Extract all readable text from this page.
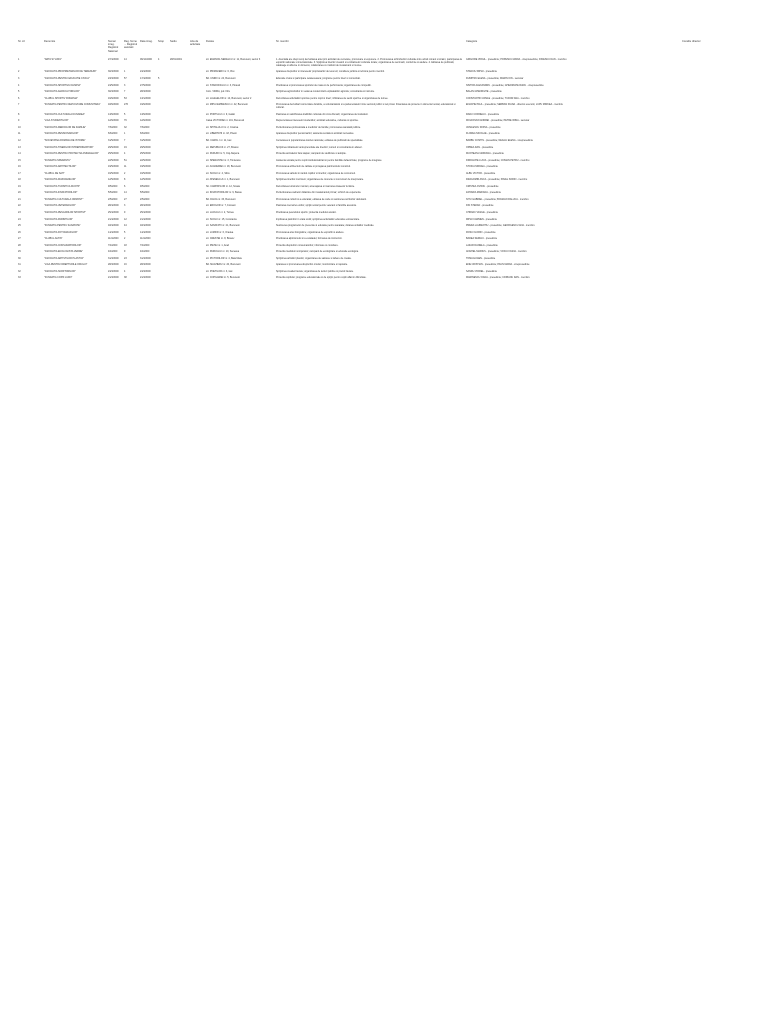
Nr. crt	Denumire	Numar inreg. Registrul National	Reg. forme ... Registrul asociatii	Data inreg.	Scop	Sediu	Aria de activitate	Durata	Nr. membri	Categorie	Consiliu director
1	"ARTA SI VIATA"	27/4/2000	14	06/12/2000	4	28/01/2001		str. EMANOIL NEDELCU nr. 11, Bucuresti, sector 3	1. Asociatia are drept scop dezvoltarea artei prin activitati de cercetare, promovare si expunere. 2. Promovarea schimburilor culturale intre artisti romani si straini, participarea la expozitii nationale si internationale. 3. Sprijinirea tinerilor creatori si a initiativelor culturale locale; organizarea de seminarii, conferinte si ateliere. 4. Editarea de publicatii, cataloage si albume in domeniu; colaborarea cu institutii de invatamant si muzee.	GRIGORE VIRGIL - presedinte; POPESCU MARIA - vicepresedinte; IONESCU DAN - membru	
2	"ASOCIATIA PROPRIETARILOR DE TERENURI"	30/3/2000	1	24/4/2000				str. PRIMAVERII nr. 6, Ilfov	Apararea drepturilor si intereselor proprietarilor de terenuri; consiliere juridica si tehnica pentru membri.	STANCIU MIHAI - presedinte	
3	"ASOCIATIA PENTRU EDUCATIE CIVICA"	23/3/2000	57	17/4/2000	5			Bd. UNIRII nr. 24, Bucuresti	Educatie civica si participare cetateneasca; programe pentru tineri si comunitati.	DUMITRU ELENA - presedinte; MARIN ION - secretar	
4	"ASOCIATIA SPORTIVA OLIMPIA"	24/5/2000	3	27/5/2000				str. STADIONULUI nr. 3, Ploiesti	Practicarea si promovarea sportului de masa si de performanta; organizarea de competitii.	NISTOR ALEXANDRU - presedinte; GHEORGHE RADU - vicepresedinte	
5	"ASOCIATIA AGRICULTORILOR"	30/3/2000	7	28/3/2000				Com. VIDRA, jud. Ilfov	Sprijinirea agricultorilor in vederea modernizarii exploatatiilor agricole; consultanta si instruire.	BALAN GHEORGHE - presedinte	
6	"CLUBUL SPORTIV ROMANIA"	16/6/2000	53	13/1/2000				str. LALELELOR nr. 14, Bucuresti, sector 2	Dezvoltarea activitatilor sportive pentru copii si tineri; infiintarea de sectii sportive si organizarea de turnee.	CONSTANTIN VASILE - presedinte; TUDOR ANA - membru	
7	"FUNDATIA PENTRU DEZVOLTARE COMUNITARA"	18/6/2000	276	19/6/2000				str. MIHAI EMINESCU nr. 42, Bucuresti	Promovarea dezvoltarii comunitare durabile, a voluntariatului si a parteneriatelor intre sectorul public si cel privat. Finantarea de proiecte in domeniul social, educational si cultural.	ENACHE PAUL - presedinte; SERBAN IOANA - director executiv; LUPU MIRCEA - membru	
8	"ASOCIATIA CULTURALA DUNAREA"	13/6/2000	5	13/6/2000				str. PORTULUI nr. 9, Galati	Pastrarea si valorificarea traditiilor culturale din zona Dunarii; organizarea de festivaluri.	RADU CORNELIU - presedinte	
9	"LIGA STUDENTILOR"	12/6/2000	76	12/6/2000				Calea VICTORIEI nr. 101, Bucuresti	Reprezentarea intereselor studentilor; activitati educative, culturale si sportive.	MOLDOVAN ANDREI - presedinte; PETRE IRINA - secretar	
10	"ASOCIATIA MEDICILOR DE FAMILIE"	7/6/2000	32	7/6/2000				str. SPITALULUI nr. 2, Craiova	Perfectionarea profesionala a medicilor de familie; promovarea sanatatii publice.	VASILESCU DOINA - presedinte	
11	"ASOCIATIA PENSIONARILOR"	6/6/2000	1	6/6/2000				str. LIBERTATII nr. 18, Pitesti	Apararea drepturilor pensionarilor; asistenta sociala si activitati recreative.	FLOREA NICOLAE - presedinte	
12	"SOCIETATEA ROMANA DE ISTORIE"	31/5/2000	7	31/5/2000				Bd. CAROL I nr. 11, Iasi	Cercetarea si popularizarea istoriei nationale; editarea de publicatii de specialitate.	BARBU COSTIN - presedinte; NEAGU ELENA - vicepresedinte	
13	"ASOCIATIA TINERILOR INTREPRINZATORI"	29/5/2000	19	29/5/2000				str. REPUBLICII nr. 27, Brasov	Sprijinirea initiativelor antreprenoriale ale tinerilor; cursuri si consultanta in afaceri.	OPREA DAN - presedinte	
14	"ASOCIATIA PENTRU PROTECTIA ANIMALELOR"	25/5/2000	4	25/5/2000				str. PADURII nr. 5, Cluj-Napoca	Protectia animalelor fara stapan; campanii de sterilizare si adoptie.	MUNTEANU ADRIANA - presedinte	
15	"FUNDATIA SPERANTA"	22/5/2000	51	22/5/2000				str. SPERANTEI nr. 3, Timisoara	Asistenta sociala pentru copiii institutionalizati si pentru familiile defavorizate; programe de integrare.	IORDACHE LUCIA - presedinte; COMAN PETRU - membru	
16	"ASOCIATIA ARHITECTILOR"	19/5/2000	11	19/5/2000				str. ACADEMIEI nr. 18, Bucuresti	Promovarea arhitecturii de calitate si protejarea patrimoniului construit.	STOICA MIRCEA - presedinte	
17	"CLUBUL DE SAH"	16/5/2000	2	16/5/2000				str. SCOLII nr. 4, Sibiu	Promovarea sahului in randul copiilor si tinerilor; organizarea de concursuri.	ALBU VICTOR - presedinte	
18	"ASOCIATIA MUZICIENILOR"	12/5/2000	8	12/5/2000				str. ATENEULUI nr. 1, Bucuresti	Sprijinirea tinerilor muzicieni; organizarea de concerte si concursuri de interpretare.	DRAGOMIR ANCA - presedinte; PAVEL SORIN - membru	
19	"ASOCIATIA TURISTICA MUNTII"	9/5/2000	6	9/5/2000				Str. CARPATILOR nr. 12, Sinaia	Dezvoltarea turismului montan; amenajarea si marcarea traseelor turistice.	CRISTEA OVIDIU - presedinte	
20	"ASOCIATIA INVATATORILOR"	5/5/2000	14	5/5/2000				str. INVATATORILOR nr. 9, Bacau	Perfectionarea cadrelor didactice din invatamantul primar; schimb de experienta.	ZAHARIA MARIANA - presedinte	
21	"FUNDATIA CULTURALA ORIZONT"	2/5/2000	27	2/5/2000				Bd. DACIA nr. 33, Bucuresti	Promovarea culturii si a educatiei; editarea de carte si sustinerea scriitorilor debutanti.	NITU GABRIEL - presedinte; BOGDAN RALUCA - membru	
22	"ASOCIATIA VETERANILOR"	28/4/2000	3	28/4/2000				str. EROILOR nr. 7, Focsani	Pastrarea memoriei eroilor; sprijin social pentru veterani si familiile acestora.	ION STEFAN - presedinte	
23	"ASOCIATIA PESCARILOR SPORTIVI"	25/4/2000	9	25/4/2000				str. LACULUI nr. 2, Tulcea	Practicarea pescuitului sportiv; protectia mediului acvatic.	CHIRIAC VASILE - presedinte	
24	"ASOCIATIA PARINTILOR"	21/4/2000	12	21/4/2000				str. SCOLII nr. 15, Constanta	Implicarea parintilor in viata scolii; sprijinirea activitatilor educative extrascolare.	MIHAI CARMEN - presedinte	
25	"FUNDATIA PENTRU SANATATE"	18/4/2000	44	18/4/2000				str. SANATATII nr. 21, Bucuresti	Sustinerea programelor de preventie si educatie pentru sanatate; dotarea unitatilor medicale.	PREDA LAURENTIU - presedinte; GEORGESCU ANA - membru	
26	"ASOCIATIA FOTOGRAFILOR"	14/4/2000	5	14/4/2000				str. LUMINII nr. 6, Oradea	Promovarea artei fotografice; organizarea de expozitii si ateliere.	ROSU FLORIN - presedinte	
27	"CLUBUL ALPIN"	11/4/2000	2	11/4/2000				str. CRESTEI nr. 8, Brasov	Practicarea alpinismului si a escaladei; formarea de instructori.	BADEA SERGIU - presedinte	
28	"ASOCIATIA CONSUMATORILOR"	7/4/2000	18	7/4/2000				str. PIETEI nr. 1, Arad	Protectia drepturilor consumatorilor; informare si consiliere.	LAZAR DANIELA - presedinte	
29	"ASOCIATIA ECOLOGISTA VERDE"	4/4/2000	9	4/4/2000				str. PARCULUI nr. 10, Suceava	Protectia mediului inconjurator; campanii de ecologizare si educatie ecologica.	ANGHEL MARIUS - presedinte; VOICU IOANA - membru	
30	"ASOCIATIA ARTISTILOR PLASTICI"	31/3/2000	23	31/3/2000				str. PICTORILOR nr. 4, Baia Mare	Sprijinirea artistilor plastici; organizarea de saloane si tabere de creatie.	TOMA EUGEN - presedinte	
31	"LIGA PENTRU DREPTURILE OMULUI"	28/3/2000	16	28/3/2000				Bd. MAGHERU nr. 20, Bucuresti	Apararea si promovarea drepturilor omului; monitorizare si rapoarte.	ENE CRISTIAN - presedinte; PAUN MARIA - vicepresedinte	
32	"ASOCIATIA SCRIITORILOR"	24/3/2000	4	24/3/2000				str. POETILOR nr. 3, Iasi	Sprijinirea creatiei literare; organizarea de lecturi publice si premii literare.	SANDU VIOREL - presedinte	
33	"FUNDATIA COPIII LUMII"	21/3/2000	38	21/3/2000				str. COPILARIEI nr. 5, Bucuresti	Protectia copilului; programe educationale si de sprijin pentru copiii aflati in dificultate.	MARINESCU OANA - presedinte; CIOBANU DAN - membru	
